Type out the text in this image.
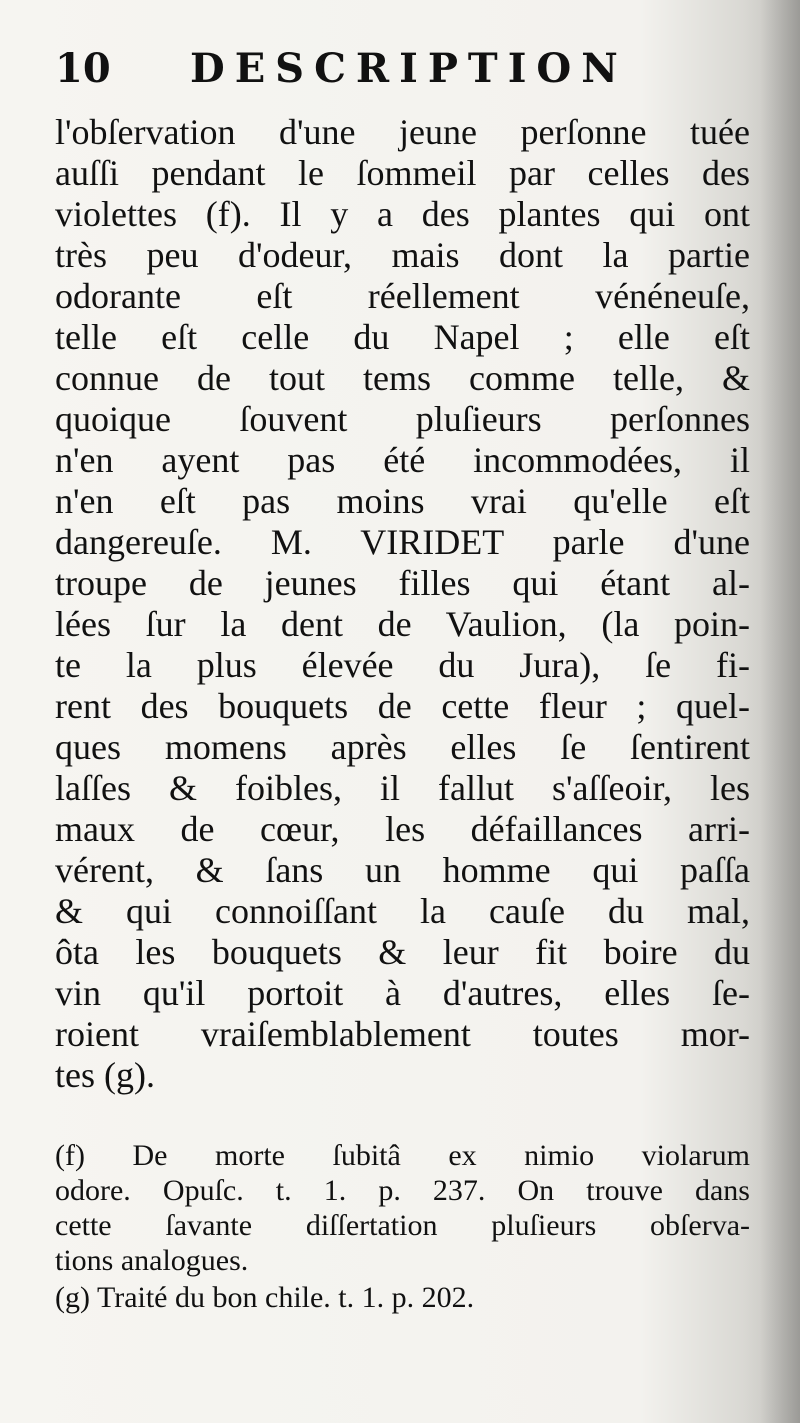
10 DESCRIPTION
l'obſervation d'une jeune perſonne tuée
auſſi pendant le ſommeil par celles des
violettes (f). Il y a des plantes qui ont
très peu d'odeur, mais dont la partie
odorante eſt réellement vénéneuſe,
telle eſt celle du Napel ; elle eſt
connue de tout tems comme telle, &
quoique ſouvent pluſieurs perſonnes
n'en ayent pas été incommodées, il
n'en eſt pas moins vrai qu'elle eſt
dangereuſe. M. VIRIDET parle d'une
troupe de jeunes filles qui étant al-
lées ſur la dent de Vaulion, (la poin-
te la plus élevée du Jura), ſe fi-
rent des bouquets de cette fleur ; quel-
ques momens après elles ſe ſentirent
laſſes & foibles, il fallut s'aſſeoir, les
maux de cœur, les défaillances arri-
vérent, & ſans un homme qui paſſa
& qui connoiſſant la cauſe du mal,
ôta les bouquets & leur fit boire du
vin qu'il portoit à d'autres, elles ſe-
roient vraiſemblablement toutes mor-
tes (g).
(f) De morte ſubitâ ex nimio violarum
odore. Opuſc. t. 1. p. 237. On trouve dans
cette ſavante diſſertation pluſieurs obſerva-
tions analogues.
(g) Traité du bon chile. t. 1. p. 202.
